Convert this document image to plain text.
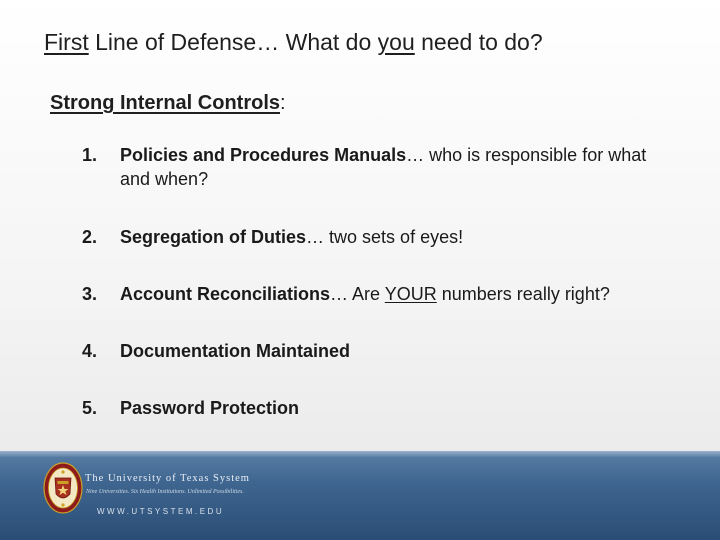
First Line of Defense… What do you need to do?
Strong Internal Controls:
1.	Policies and Procedures Manuals… who is responsible for what and when?
2.	Segregation of Duties… two sets of eyes!
3.	Account Reconciliations… Are YOUR numbers really right?
4.	Documentation Maintained
5.	Password Protection
The University of Texas System
Nine Universities. Six Health Institutions. Unlimited Possibilities.
WWW.UTSYSTEM.EDU
